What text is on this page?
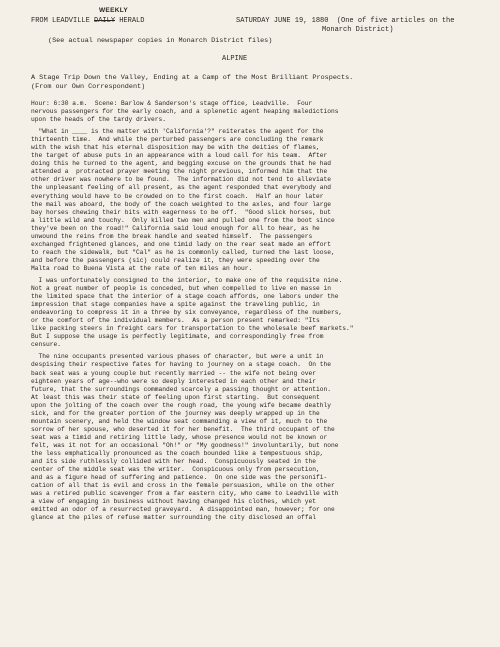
WEEKLY
FROM LEADVILLE DAILY HERALD	SATURDAY JUNE 19, 1880 (One of five articles on the
Monarch District)
(See actual newspaper copies in Monarch District files)
ALPINE
A Stage Trip Down the Valley, Ending at a Camp of the Most Brilliant Prospects.
(From our Own Correspondent)
Hour: 6:30 a.m.  Scene: Barlow & Sanderson's stage office, Leadville.  Four
nervous passengers for the early coach, and a splenetic agent heaping maledictions
upon the heads of the tardy drivers.
"What in ____ is the matter with 'California'?" reiterates the agent for the
thirteenth time.  And while the perturbed passengers are concluding the remark
with the wish that his eternal disposition may be with the deities of flames,
the target of abuse puts in an appearance with a loud call for his team.  After
doing this he turned to the agent, and begging excuse on the grounds that he had
attended a  protracted prayer meeting the night previous, informed him that the
other driver was nowhere to be found.  The information did not tend to alleviate
the unpleasant feeling of all present, as the agent responded that everybody and
everything would have to be crowded on to the first coach.  Half an hour later
the mail was aboard, the body of the coach weighted to the axles, and four large
bay horses chewing their bits with eagerness to be off.  "Good slick horses, but
a little wild and touchy.  Only killed two men and pulled one from the boot since
they've been on the road!" California said loud enough for all to hear, as he
unwound the reins from the break handle and seated himself.  The passengers
exchanged frightened glances, and one timid lady on the rear seat made an effort
to reach the sidewalk, but "Cal" as he is commonly called, turned the last loose,
and before the passengers (sic) could realize it, they were speeding over the
Malta road to Buena Vista at the rate of ten miles an hour.
I was unfortunately consigned to the interior, to make one of the requisite nine.
Not a great number of people is conceded, but when compelled to live en masse in
the limited space that the interior of a stage coach affords, one labors under the
impression that stage companies have a spite against the traveling public, in
endeavoring to compress it in a three by six conveyance, regardless of the numbers,
or the comfort of the individual members.  As a person present remarked: "Its
like packing steers in freight cars for transportation to the wholesale beef markets."
But I suppose the usage is perfectly legitimate, and correspondingly free from
censure.
The nine occupants presented various phases of character, but were a unit in
despising their respective fates for having to journey on a stage coach.  On the
back seat was a young couple but recently married -- the wife not being over
eighteen years of age--who were so deeply interested in each other and their
future, that the surroundings commanded scarcely a passing thought or attention.
At least this was their state of feeling upon first starting.  But consequent
upon the jolting of the coach over the rough road, the young wife became deathly
sick, and for the greater portion of the journey was deeply wrapped up in the
mountain scenery, and held the window seat commanding a view of it, much to the
sorrow of her spouse, who deserted it for her benefit.  The third occupant of the
seat was a timid and retiring little lady, whose presence would not be known or
felt, was it not for an occasional "Oh!" or "My goodness!" involuntarily, but none
the less emphatically pronounced as the coach bounded like a tempestuous ship,
and its side ruthlessly collided with her head.  Conspicuously seated in the
center of the middle seat was the writer.  Conspicuous only from persecution,
and as a figure head of suffering and patience.  On one side was the personifi-
cation of all that is evil and cross in the female persuasion, while on the other
was a retired public scavenger from a far eastern city, who came to Leadville with
a view of engaging in business without having changed his clothes, which yet
emitted an odor of a resurrected graveyard.  A disappointed man, however; for one
glance at the piles of refuse matter surrounding the city disclosed an offal
